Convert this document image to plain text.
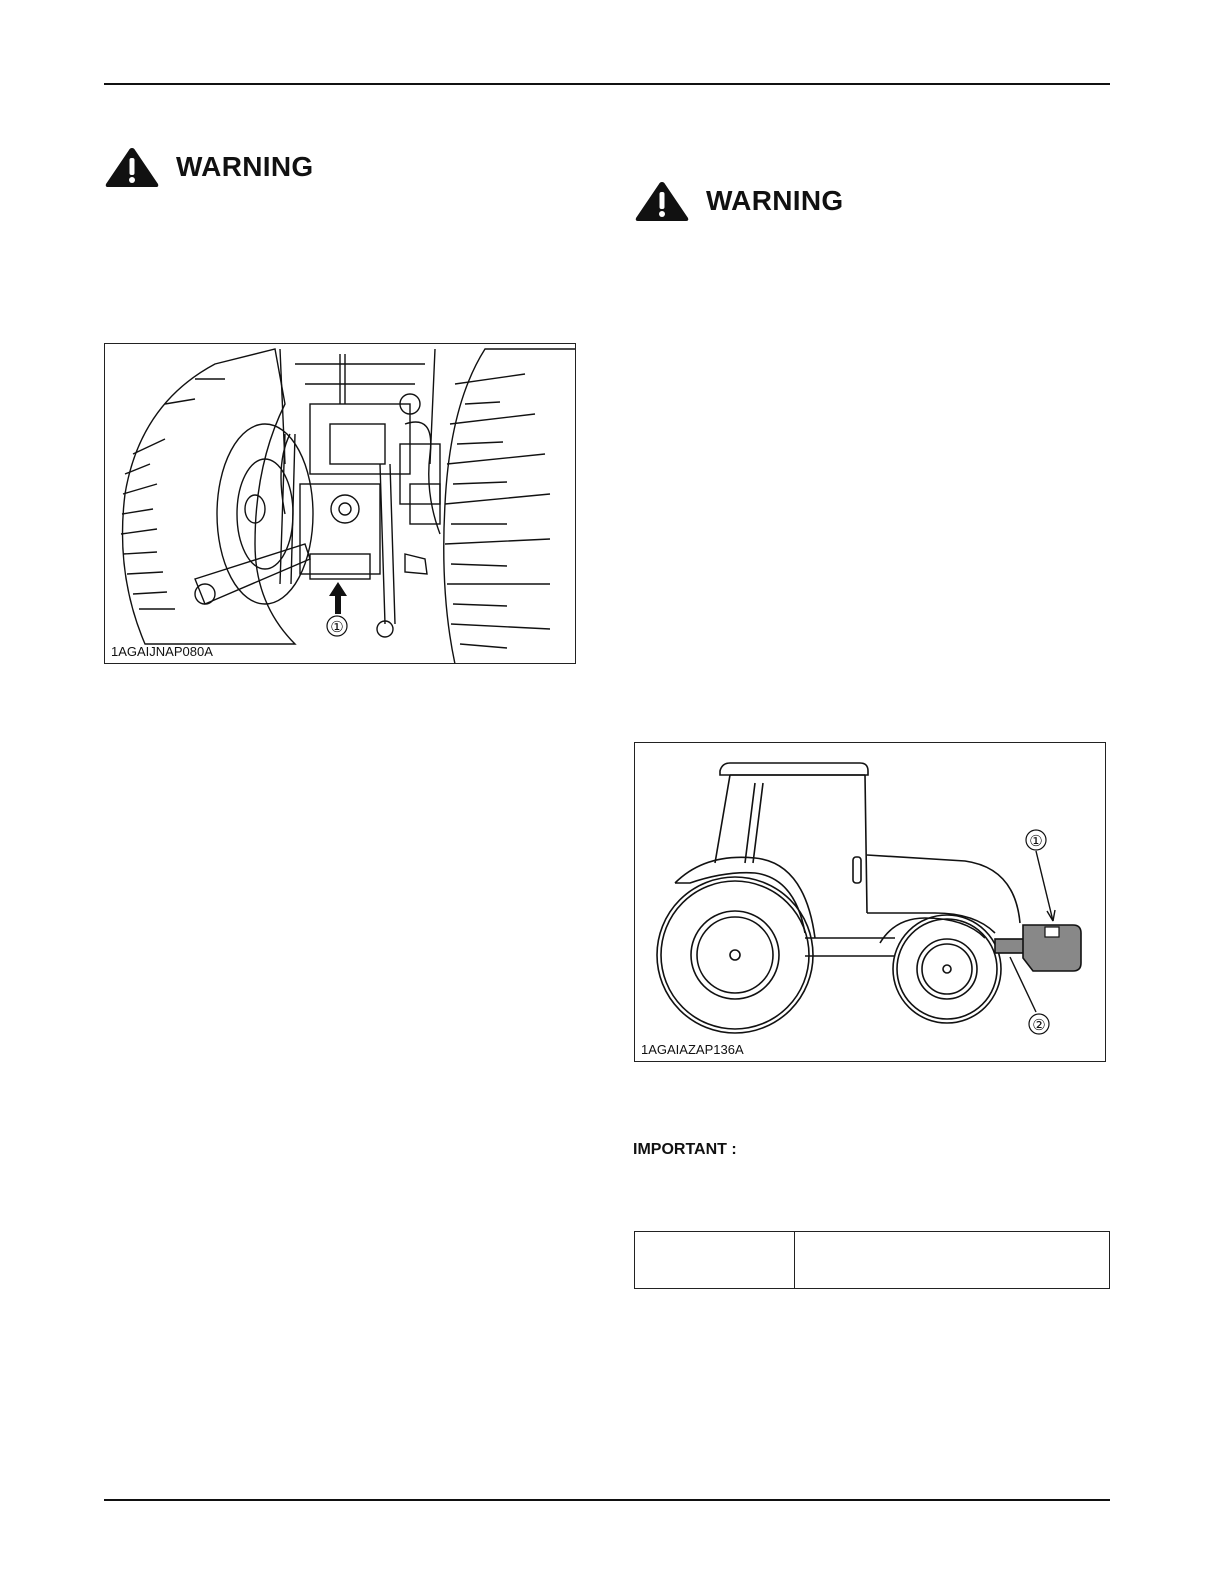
WARNING
WARNING
①
1AGAIJNAP080A
①
②
1AGAIAZAP136A
IMPORTANT :
